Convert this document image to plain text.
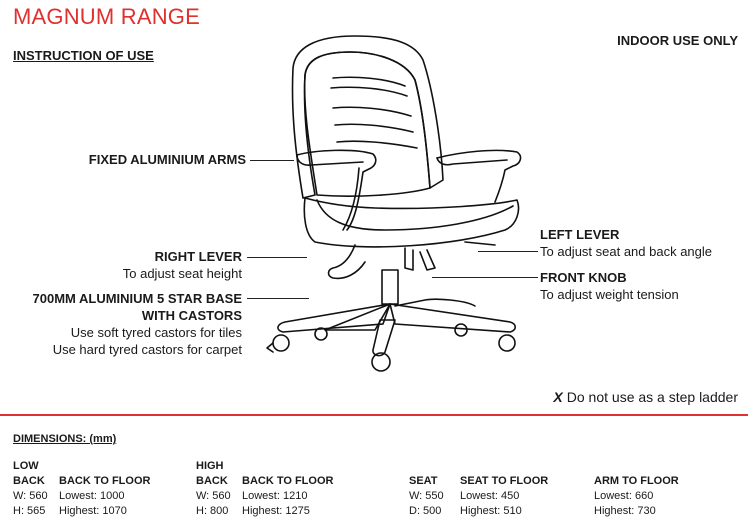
MAGNUM RANGE
INSTRUCTION OF USE
INDOOR USE ONLY
FIXED ALUMINIUM ARMS
RIGHT LEVER
To adjust seat height
700MM ALUMINIUM 5 STAR BASE
WITH CASTORS
Use soft tyred castors for tiles
Use hard tyred castors for carpet
LEFT LEVER
To adjust seat and back angle
FRONT KNOB
To adjust weight tension
X Do not use as a step ladder
DIMENSIONS: (mm)
LOW
BACK BACK TO FLOOR
W: 560 Lowest: 1000
H: 565 Highest: 1070
HIGH
BACK BACK TO FLOOR
W: 560 Lowest: 1210
H: 800 Highest: 1275
SEAT SEAT TO FLOOR
W: 550 Lowest: 450
D: 500 Highest: 510
ARM TO FLOOR
Lowest: 660
Highest: 730
